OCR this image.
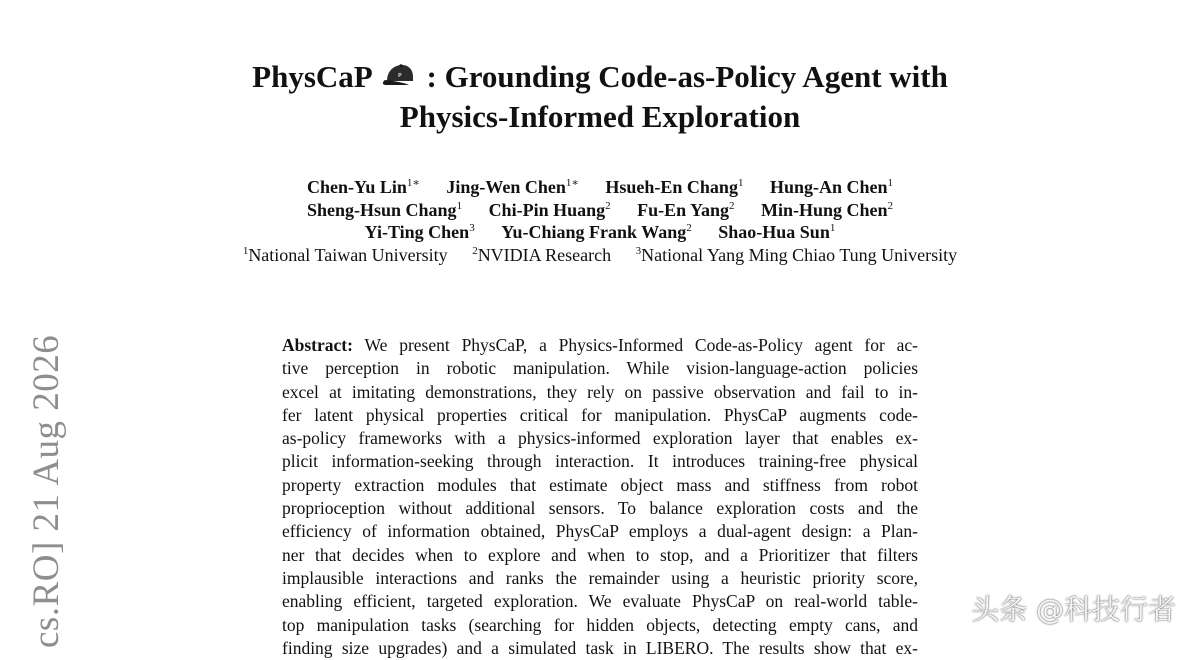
PhysCaP	P : Grounding Code-as-Policy Agent with
Physics-Informed Exploration
Chen-Yu Lin$^{1∗}$ Jing-Wen Chen$^{1∗}$ Hsueh-En Chang$^1$ Hung-An Chen$^1$
Sheng-Hsun Chang$^1$ Chi-Pin Huang$^2$ Fu-En Yang$^2$ Min-Hung Chen$^2$
Yi-Ting Chen$^3$ Yu-Chiang Frank Wang$^2$ Shao-Hua Sun$^1$
$^1$National Taiwan University $^2$NVIDIA Research $^3$National Yang Ming Chiao Tung University
cs.RO] 21 Aug 2026	Abstract: We present PhysCaP, a Physics-Informed Code-as-Policy agent for ac-
tive perception in robotic manipulation. While vision-language-action policies
excel at imitating demonstrations, they rely on passive observation and fail to in-
fer latent physical properties critical for manipulation. PhysCaP augments code-
as-policy frameworks with a physics-informed exploration layer that enables ex-
plicit information-seeking through interaction. It introduces training-free physical
property extraction modules that estimate object mass and stiffness from robot
proprioception without additional sensors. To balance exploration costs and the
efficiency of information obtained, PhysCaP employs a dual-agent design: a Plan-
ner that decides when to explore and when to stop, and a Prioritizer that filters
implausible interactions and ranks the remainder using a heuristic priority score,
enabling efficient, targeted exploration. We evaluate PhysCaP on real-world table-
top manipulation tasks (searching for hidden objects, detecting empty cans, and
finding size upgrades) and a simulated task in LIBERO. The results show that ex-
头条 @科技行者
